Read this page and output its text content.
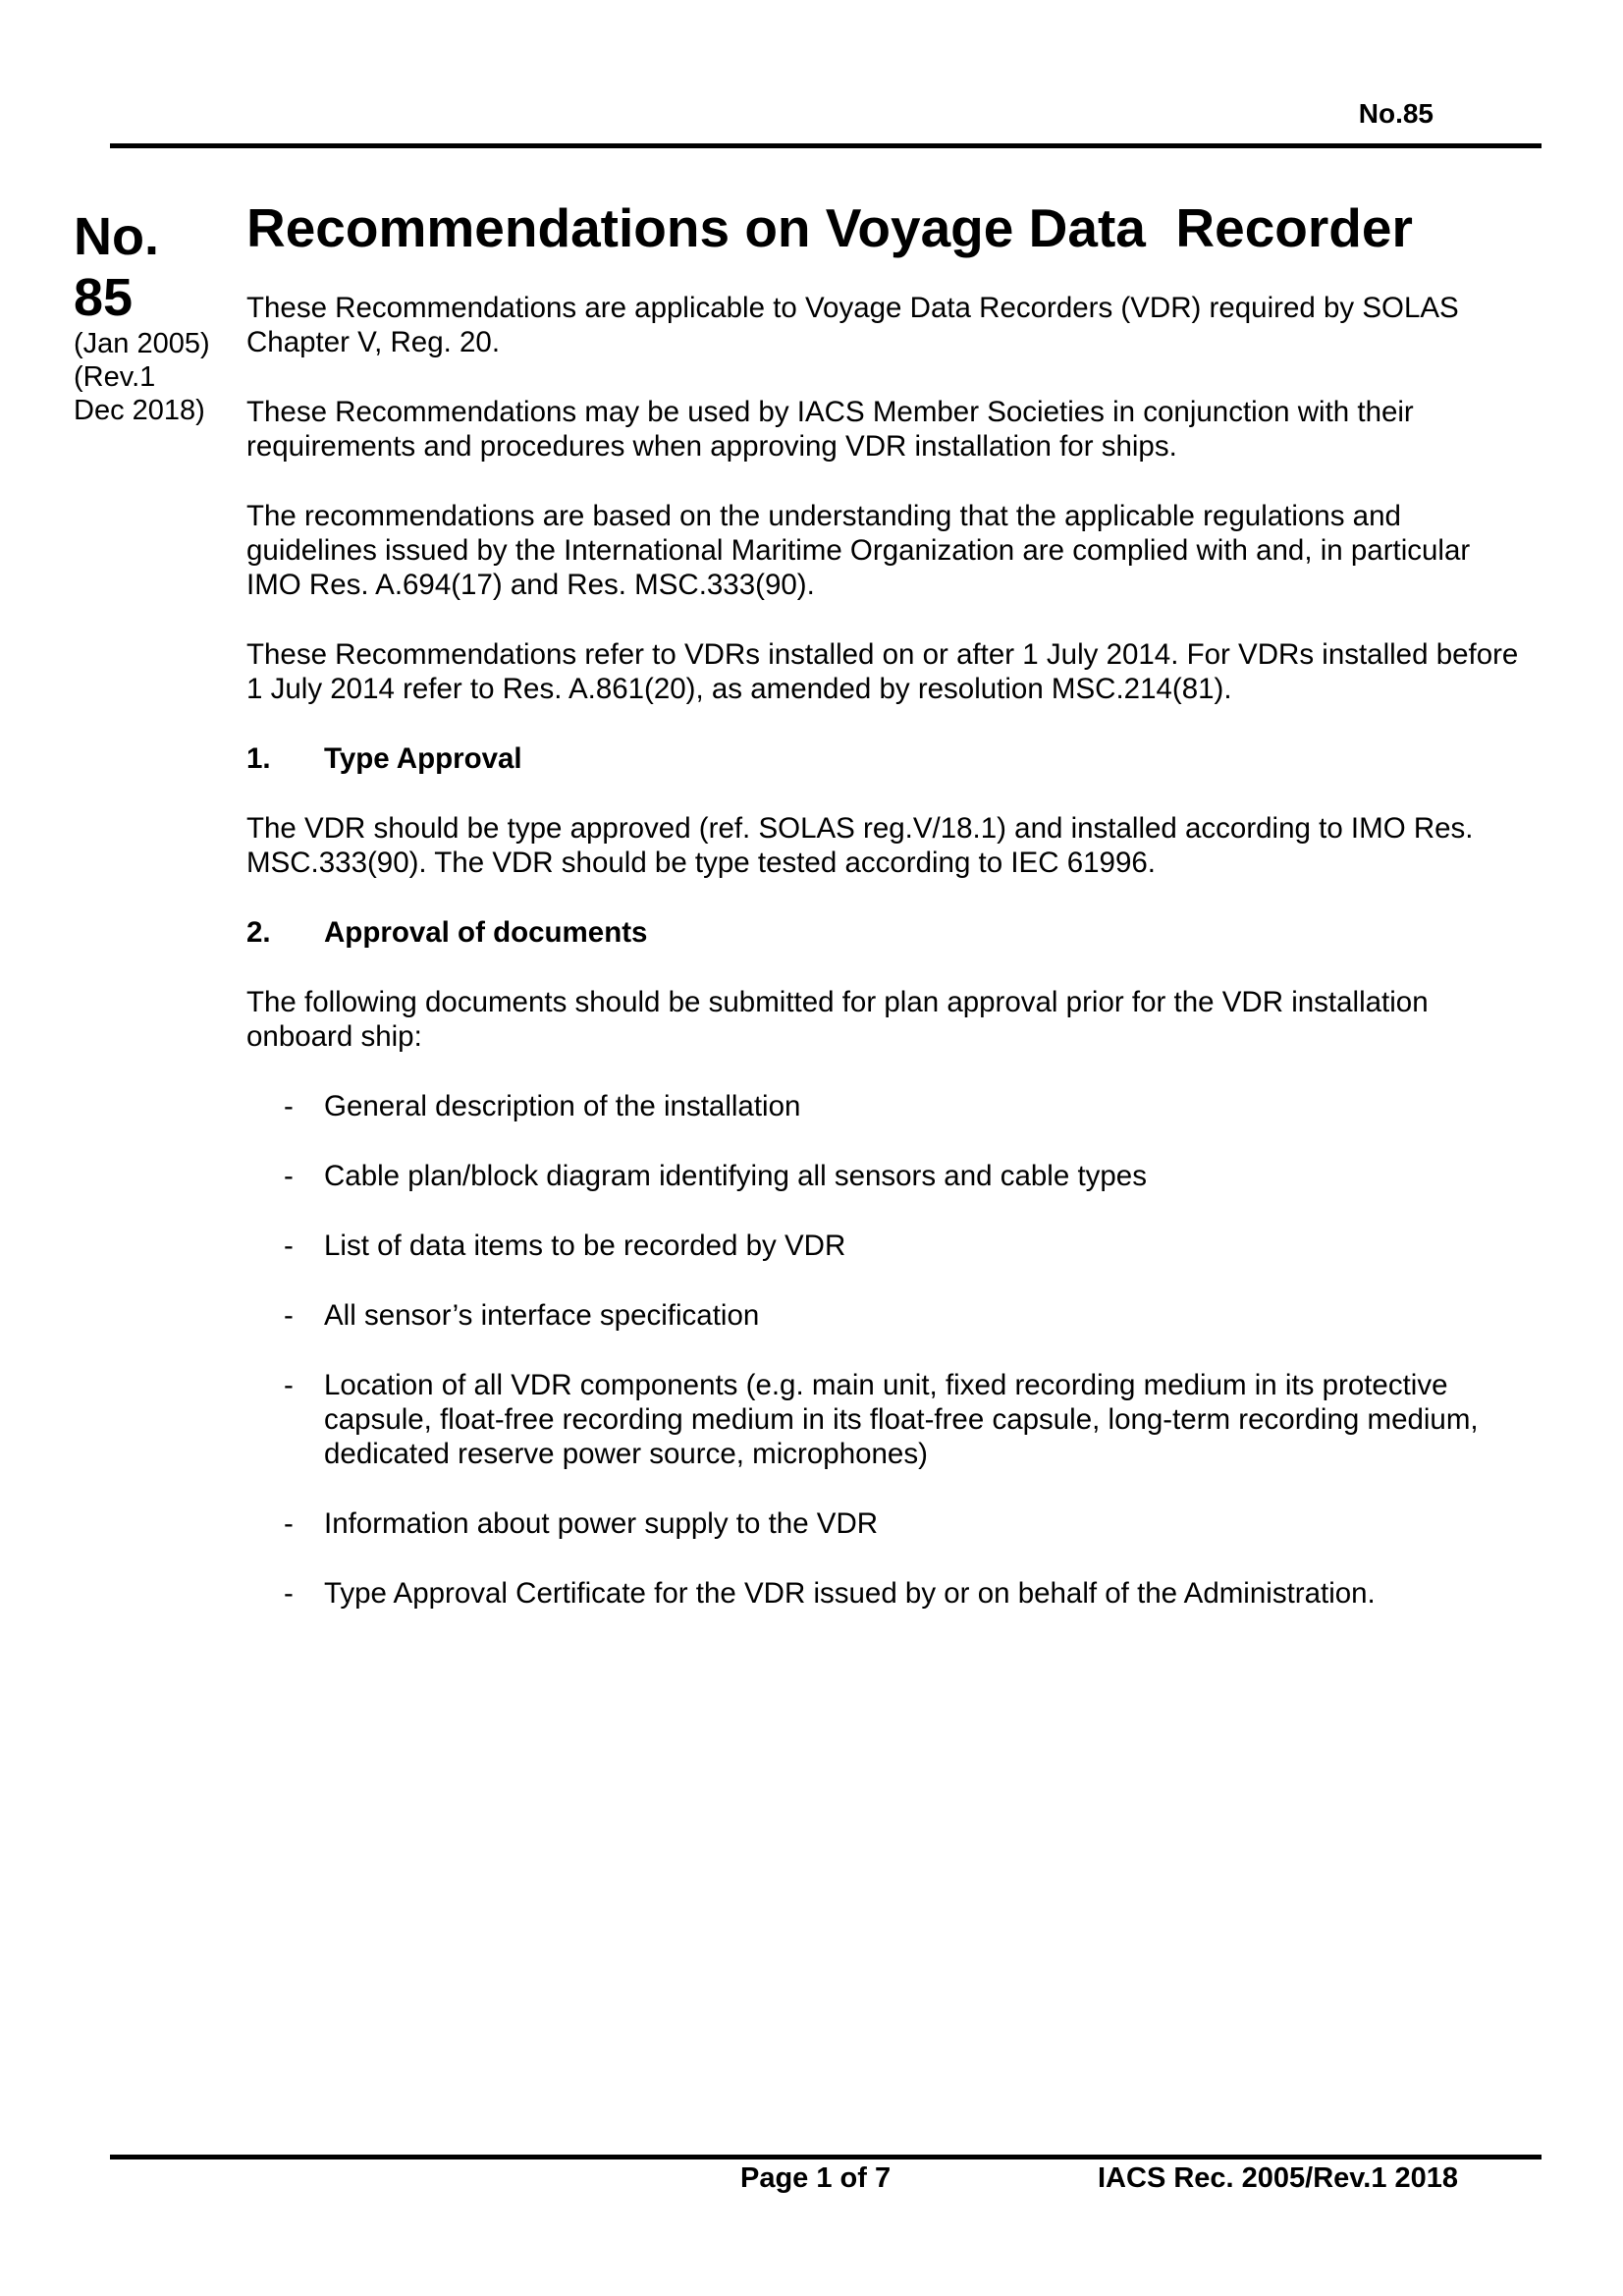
No.85
No.
85
(Jan 2005)
(Rev.1
Dec 2018)
Recommendations on Voyage Data  Recorder

These Recommendations are applicable to Voyage Data Recorders (VDR) required by SOLAS Chapter V, Reg. 20.

These Recommendations may be used by IACS Member Societies in conjunction with their requirements and procedures when approving VDR installation for ships.

The recommendations are based on the understanding that the applicable regulations and guidelines issued by the International Maritime Organization are complied with and, in particular IMO Res. A.694(17) and Res. MSC.333(90).

These Recommendations refer to VDRs installed on or after 1 July 2014. For VDRs installed before 1 July 2014 refer to Res. A.861(20), as amended by resolution MSC.214(81).

1.	Type Approval

The VDR should be type approved (ref. SOLAS reg.V/18.1) and installed according to IMO Res. MSC.333(90). The VDR should be type tested according to IEC 61996.

2.	Approval of documents

The following documents should be submitted for plan approval prior for the VDR installation onboard ship:

-	General description of the installation
-	Cable plan/block diagram identifying all sensors and cable types
-	List of data items to be recorded by VDR
-	All sensor’s interface specification
-	Location of all VDR components (e.g. main unit, fixed recording medium in its protective capsule, float-free recording medium in its float-free capsule, long-term recording medium, dedicated reserve power source, microphones)
-	Information about power supply to the VDR
-	Type Approval Certificate for the VDR issued by or on behalf of the Administration.
Page 1 of 7	IACS Rec. 2005/Rev.1 2018
